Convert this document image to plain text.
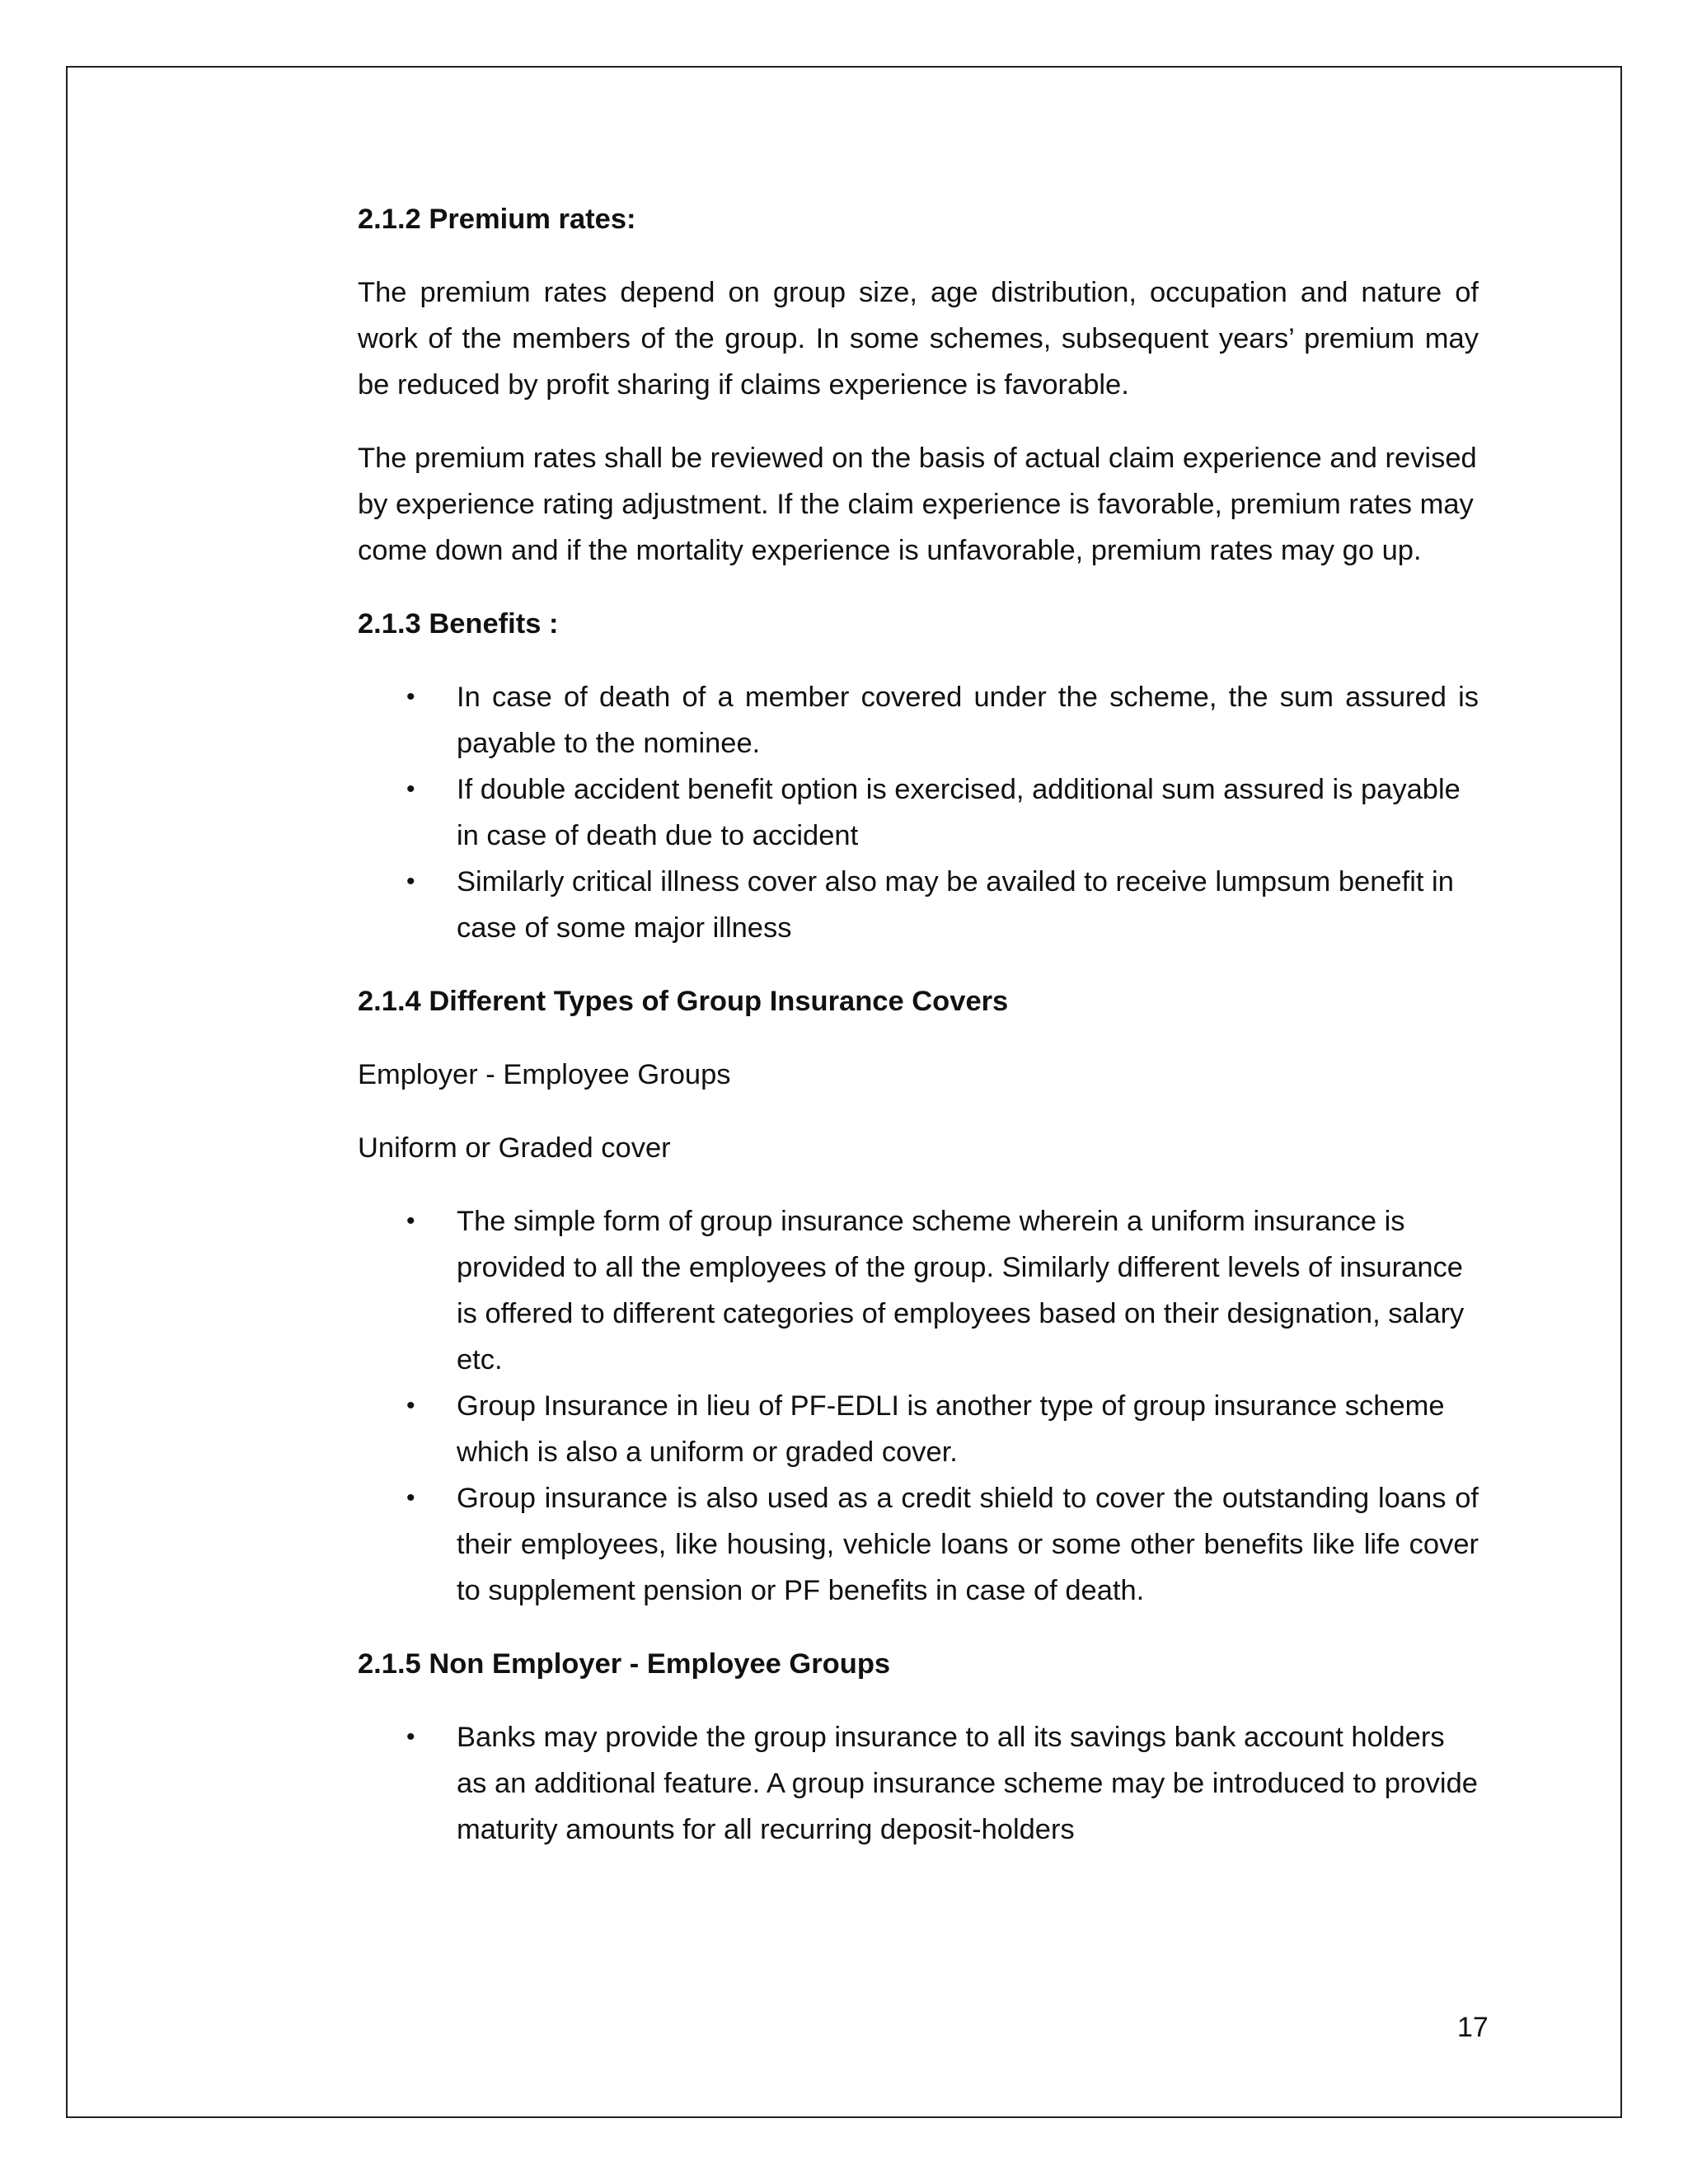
2.1.2 Premium rates:
The premium rates depend on group size, age distribution, occupation and nature of work of the members of the group. In some schemes, subsequent years’ premium may be reduced by profit sharing if claims experience is favorable.
The premium rates shall be reviewed on the basis of actual claim experience and revised by experience rating adjustment. If the claim experience is favorable, premium rates may come down and if the mortality experience is unfavorable, premium rates may go up.
2.1.3 Benefits :
• In case of death of a member covered under the scheme, the sum assured is payable to the nominee.
• If double accident benefit option is exercised, additional sum assured is payable in case of death due to accident
• Similarly critical illness cover also may be availed to receive lumpsum benefit in case of some major illness
2.1.4 Different Types of Group Insurance Covers
Employer - Employee Groups
Uniform or Graded cover
• The simple form of group insurance scheme wherein a uniform insurance is provided to all the employees of the group. Similarly different levels of insurance is offered to different categories of employees based on their designation, salary etc.
• Group Insurance in lieu of PF-EDLI is another type of group insurance scheme which is also a uniform or graded cover.
• Group insurance is also used as a credit shield to cover the outstanding loans of their employees, like housing, vehicle loans or some other benefits like life cover to supplement pension or PF benefits in case of death.
2.1.5 Non Employer - Employee Groups
• Banks may provide the group insurance to all its savings bank account holders as an additional feature. A group insurance scheme may be introduced to provide maturity amounts for all recurring deposit-holders
17
